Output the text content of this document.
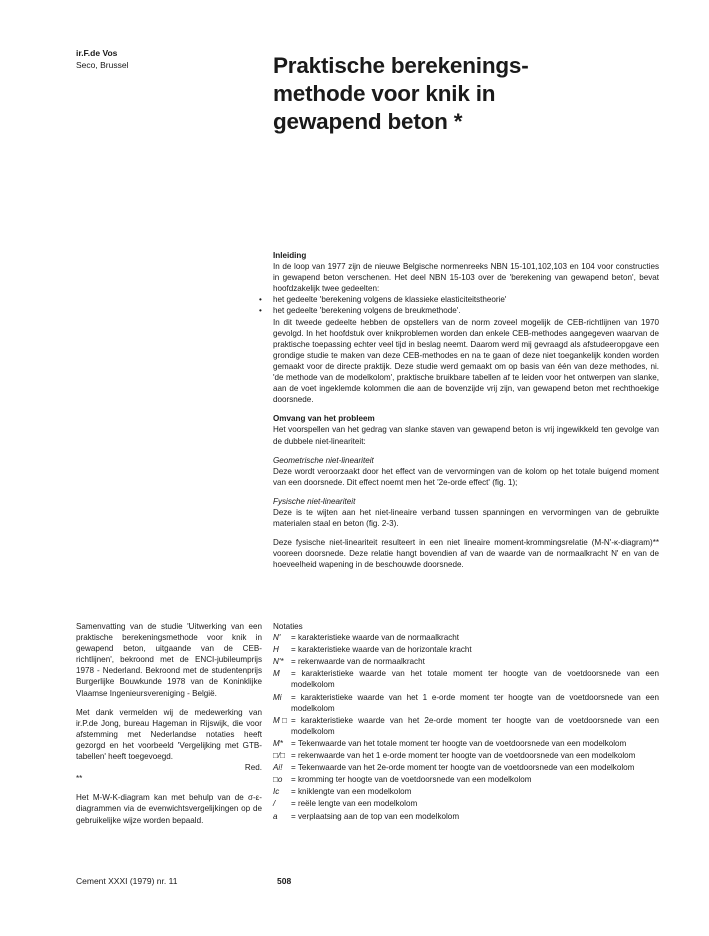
ir.F.de Vos
Seco, Brussel	Praktische berekenings-
methode voor knik in
gewapend beton *

Inleiding

In de loop van 1977 zijn de nieuwe Belgische normenreeks NBN 15-101,102,103 en 104 voor constructies in gewapend beton verschenen. Het deel NBN 15-103 over de 'berekening van gewapend beton', bevat hoofdzakelijk twee gedeelten:

• het gedeelte 'berekening volgens de klassieke elasticiteitstheorie'
• het gedeelte 'berekening volgens de breukmethode'.

In dit tweede gedeelte hebben de opstellers van de norm zoveel mogelijk de CEB-richtlijnen van 1970 gevolgd. In het hoofdstuk over knikproblemen worden dan enkele CEB-methodes aangegeven waarvan de praktische toepassing echter veel tijd in beslag neemt. Daarom werd mij gevraagd als afstudeeropgave een grondige studie te maken van deze CEB-methodes en na te gaan of deze niet toegankelijk konden worden gemaakt voor de directe praktijk. Deze studie werd gemaakt om op basis van één van deze methodes, ni. 'de methode van de modelkolom', praktische bruikbare tabellen af te leiden voor het ontwerpen van slanke, aan de voet ingeklemde kolommen die aan de bovenzijde vrij zijn, van gewapend beton met rechthoekige doorsnede.

Omvang van het probleem

Het voorspellen van het gedrag van slanke staven van gewapend beton is vrij ingewikkeld ten gevolge van de dubbele niet-lineariteit:

Geometrische niet-lineariteit

Deze wordt veroorzaakt door het effect van de vervormingen van de kolom op het totale buigend moment van een doorsnede. Dit effect noemt men het '2e-orde effect' (fig. 1);

Fysische niet-lineariteit

Deze is te wijten aan het niet-lineaire verband tussen spanningen en vervormingen van de gebruikte materialen staal en beton (fig. 2-3).

Deze fysische niet-lineariteit resulteert in een niet lineaire moment-krommingsrelatie (M-N'-κ-diagram)** vooreen doorsnede. Deze relatie hangt bovendien af van de waarde van de normaalkracht N' en van de hoeveelheid wapening in de beschouwde doorsnede.

Samenvatting van de studie 'Uitwerking van een praktische berekeningsmethode voor knik in gewapend beton, uitgaande van de CEB-richtlijnen', bekroond met de ENCI-jubileumprijs 1978 - Nederland. Bekroond met de studentenprijs Burgerlijke Bouwkunde 1978 van de Koninklijke Vlaamse Ingenieursvereniging - België.

Met dank vermelden wij de medewerking van ir.P.de Jong, bureau Hageman in Rijswijk, die voor afstemming met Nederlandse notaties heeft gezorgd en het voorbeeld 'Vergelijking met GTB-tabellen' heeft toegevoegd.

Red.

**

Het M-W-K-diagram kan met behulp van de σ-ε-diagrammen via de evenwichtsvergelijkingen op de gebruikelijke wijze worden bepaald.

Notaties
N'	= karakteristieke waarde van de normaalkracht
H	= karakteristieke waarde van de horizontale kracht
N'* = rekenwaarde van de normaalkracht
M	= karakteristieke waarde van het totale moment ter hoogte van de voetdoorsnede van een modelkolom
Mi	= karakteristieke waarde van het 1 e-orde moment ter hoogte van de voetdoorsnede van een modelkolom
M □ = karakteristieke waarde van het 2e-orde moment ter hoogte van de voetdoorsnede van een modelkolom
M* = Tekenwaarde van het totale moment ter hoogte van de voetdoorsnede van een modelkolom
□/□ = rekenwaarde van het 1 e-orde moment ter hoogte van de voetdoorsnede van een modelkolom
Ai!	= Tekenwaarde van het 2e-orde moment ter hoogte van de voetdoorsnede van een modelkolom
□o	= kromming ter hoogte van de voetdoorsnede van een modelkolom
Ic	= kniklengte van een modelkolom
/	= reële lengte van een modelkolom
a	= verplaatsing aan de top van een modelkolom
Cement XXXI (1979) nr. 11	508
